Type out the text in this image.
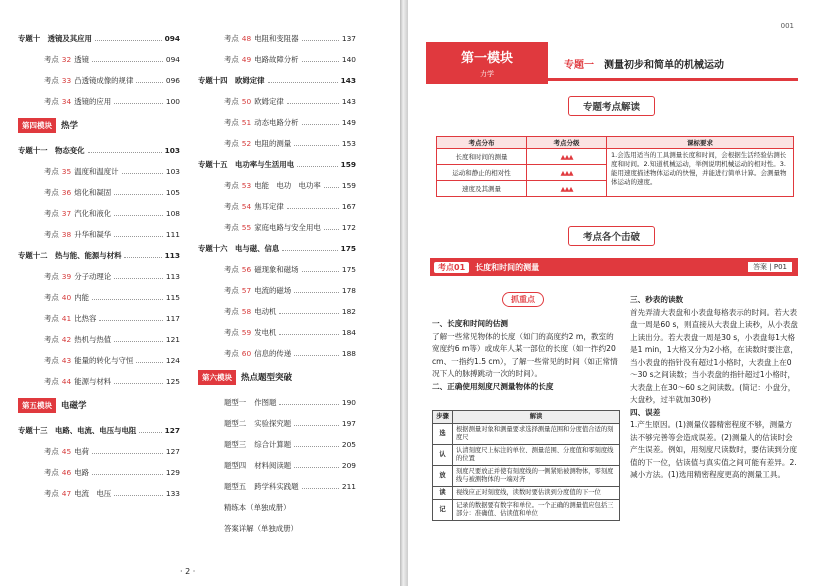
专题十　透镜及其应用	094
考点 32 透镜	094
考点 33 凸透镜成像的规律	096
考点 34 透镜的应用	100
第四模块	热学
专题十一　物态变化	103
考点 35 温度和温度计	103
考点 36 熔化和凝固	105
考点 37 汽化和液化	108
考点 38 升华和凝华	111
专题十二　热与能、能源与材料	113
考点 39 分子动理论	113
考点 40 内能	115
考点 41 比热容	117
考点 42 热机与热值	121
考点 43 能量的转化与守恒	124
考点 44 能源与材料	125
第五模块	电磁学
专题十三　电路、电流、电压与电阻	127
考点 45 电荷	127
考点 46 电路	129
考点 47 电流　电压	133
考点 48 电阻和变阻器	137
考点 49 电路故障分析	140
专题十四　欧姆定律	143
考点 50 欧姆定律	143
考点 51 动态电路分析	149
考点 52 电阻的测量	153
专题十五　电功率与生活用电	159
考点 53 电能　电功　电功率	159
考点 54 焦耳定律	167
考点 55 家庭电路与安全用电	172
专题十六　电与磁、信息	175
考点 56 磁现象和磁场	175
考点 57 电流的磁场	178
考点 58 电动机	182
考点 59 发电机	184
考点 60 信息的传递	188
第六模块	热点题型突破
题型一 作图题	190
题型二 实验探究题	197
题型三 综合计算题	205
题型四 材料阅读题	209
题型五 跨学科实践题	211
精练本（单独成册）
答案详解（单独成册）
· 2 ·
001
第一模块
力学
专题一　 测量初步和简单的机械运动
专题考点解读
考点分布	考点分级	课标要求
长度和时间的测量	▲▲▲	1.会选用适当的工具测量长度和时间，会根据生活经验估测长度和时间。2.知道机械运动，举例说明机械运动的相对性。3.能用速度描述物体运动的快慢，并能进行简单计算。会测量物体运动的速度。
运动和静止的相对性	▲▲▲	
速度及其测量	▲▲▲	
考点各个击破
考点01	长度和时间的测量	答案 | P01
抓重点
一、长度和时间的估测
了解一些常见物体的长度（如门的高度约2 m，教室的宽度约6 m等）或成年人某一部位的长度（如一拃约20 cm、一指约1.5 cm），了解一些常见的时间（如正常情况下人的脉搏跳动一次的时间）。
二、正确使用刻度尺测量物体的长度
步骤	解读
选	根据测量对象和测量要求选择测量范围和分度值合适的刻度尺
认	认清刻度尺上标注的单位、测量范围、分度值和零刻度线的位置
放	刻度尺要放正并使有刻度线的一侧紧贴被测物体，零刻度线与被测物体的一端对齐
读	视线应正对刻度线，读数时要估读到分度值的下一位
记	记录的数据要有数字和单位。一个正确的测量值应包括三部分：准确值、估读值和单位
三、秒表的读数
首先弄清大表盘和小表盘每格表示的时间。若大表盘一周是60 s，则直接从大表盘上读秒，从小表盘上读出分。若大表盘一周是30 s，小表盘每1大格是1 min，1大格又分为2小格，在读数时要注意，当小表盘的指针没有超过1小格时，大表盘上在0～30 s之间读数；当小表盘的指针超过1小格时，大表盘上在30～60 s之间读数。(简记：小盘分，大盘秒，过半就加30秒)
四、误差
1.产生原因。(1)测量仪器精密程度不够，测量方法不够完善等会造成误差。(2)测量人的估读时会产生误差。例如，用刻度尺读数时，要估读到分度值的下一位，估读值与真实值之间可能有差异。2.减小方法。(1)选用精密程度更高的测量工具。
